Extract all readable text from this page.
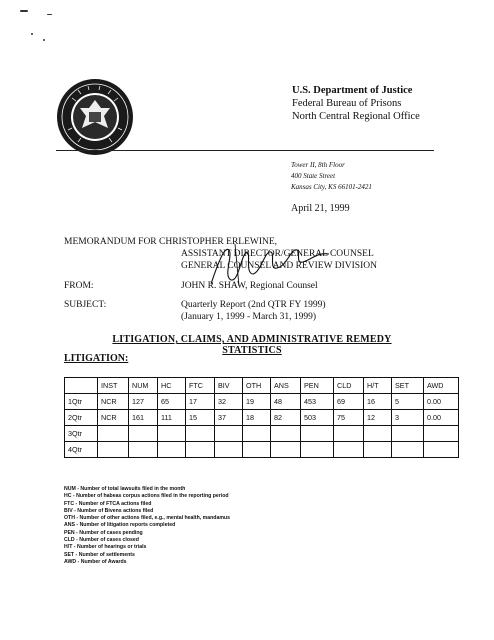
U.S. Department of Justice
Federal Bureau of Prisons
North Central Regional Office
Tower II, 8th Floor
400 State Street
Kansas City, KS 66101-2421
April 21, 1999
MEMORANDUM FOR CHRISTOPHER ERLEWINE,
ASSISTANT DIRECTOR/GENERAL COUNSEL
GENERAL COUNSEL AND REVIEW DIVISION
FROM:	JOHN R. SHAW, Regional Counsel
SUBJECT:	Quarterly Report (2nd QTR FY 1999)
(January 1, 1999 - March 31, 1999)
LITIGATION, CLAIMS, AND ADMINISTRATIVE REMEDY STATISTICS
LITIGATION:
	INST	NUM	HC	FTC	BIV	OTH	ANS	PEN	CLD	H/T	SET	AWD
1Qtr	NCR	127	65	17	32	19	48	453	69	16	5	0.00
2Qtr	NCR	161	111	15	37	18	82	503	75	12	3	0.00
3Qtr												
4Qtr												
NUM - Number of total lawsuits filed in the month
HC - Number of habeas corpus actions filed in the reporting period
FTC - Number of FTCA actions filed
BIV - Number of Bivens actions filed
OTH - Number of other actions filed, e.g., mental health, mandamus
ANS - Number of litigation reports completed
PEN - Number of cases pending
CLD - Number of cases closed
H/T - Number of hearings or trials
SET - Number of settlements
AWD - Number of Awards
